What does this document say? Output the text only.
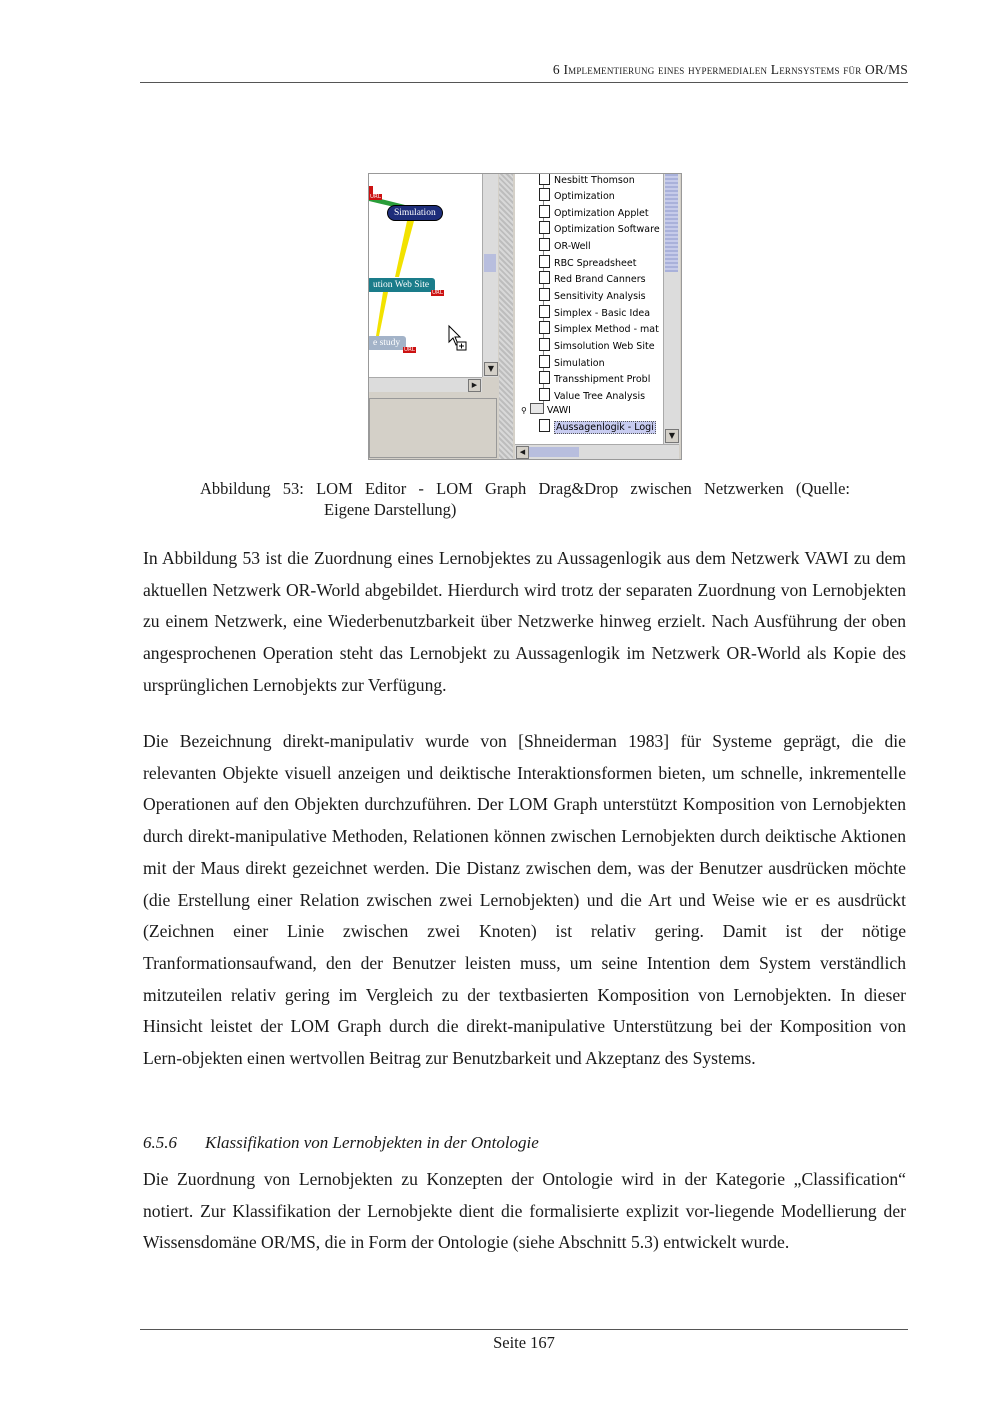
6 Implementierung eines hypermedialen Lernsystems für OR/MS
URL
Simulation
ution Web Site
URL
e study
URL
▼
▶
Nesbitt Thomson
Optimization
Optimization Applet
Optimization Software
OR-Well
RBC Spreadsheet
Red Brand Canners
Sensitivity Analysis
Simplex - Basic Idea
Simplex Method - mat
Simsolution Web Site
Simulation
Transshipment Probl
Value Tree Analysis
⚲ VAWI
Aussagenlogik - Logi
▼
◀
Abbildung 53: LOM Editor - LOM Graph Drag&Drop zwischen Netzwerken (Quelle:
Eigene Darstellung)

In Abbildung 53 ist die Zuordnung eines Lernobjektes zu Aussagenlogik aus dem Netzwerk VAWI zu dem aktuellen Netzwerk OR-World abgebildet. Hierdurch wird trotz der separaten Zuordnung von Lernobjekten zu einem Netzwerk, eine Wiederbenutzbarkeit über Netzwerke hinweg erzielt. Nach Ausführung der oben angesprochenen Operation steht das Lernobjekt zu Aussagenlogik im Netzwerk OR-World als Kopie des ursprünglichen Lernobjekts zur Verfügung.

Die Bezeichnung direkt-manipulativ wurde von [Shneiderman 1983] für Systeme geprägt, die die relevanten Objekte visuell anzeigen und deiktische Interaktionsformen bieten, um schnelle, inkrementelle Operationen auf den Objekten durchzuführen. Der LOM Graph unterstützt Komposition von Lernobjekten durch direkt-manipulative Methoden, Relationen können zwischen Lernobjekten durch deiktische Aktionen mit der Maus direkt gezeichnet werden. Die Distanz zwischen dem, was der Benutzer ausdrücken möchte (die Erstellung einer Relation zwischen zwei Lernobjekten) und die Art und Weise wie er es ausdrückt (Zeichnen einer Linie zwischen zwei Knoten) ist relativ gering. Damit ist der nötige Tranformationsaufwand, den der Benutzer leisten muss, um seine Intention dem System verständlich mitzuteilen relativ gering im Vergleich zu der textbasierten Komposition von Lernobjekten. In dieser Hinsicht leistet der LOM Graph durch die direkt-manipulative Unterstützung bei der Komposition von Lern-objekten einen wertvollen Beitrag zur Benutzbarkeit und Akzeptanz des Systems.

6.5.6 Klassifikation von Lernobjekten in der Ontologie

Die Zuordnung von Lernobjekten zu Konzepten der Ontologie wird in der Kategorie „Classification“ notiert. Zur Klassifikation der Lernobjekte dient die formalisierte explizit vor-liegende Modellierung der Wissensdomäne OR/MS, die in Form der Ontologie (siehe Abschnitt 5.3) entwickelt wurde.

Seite 167
